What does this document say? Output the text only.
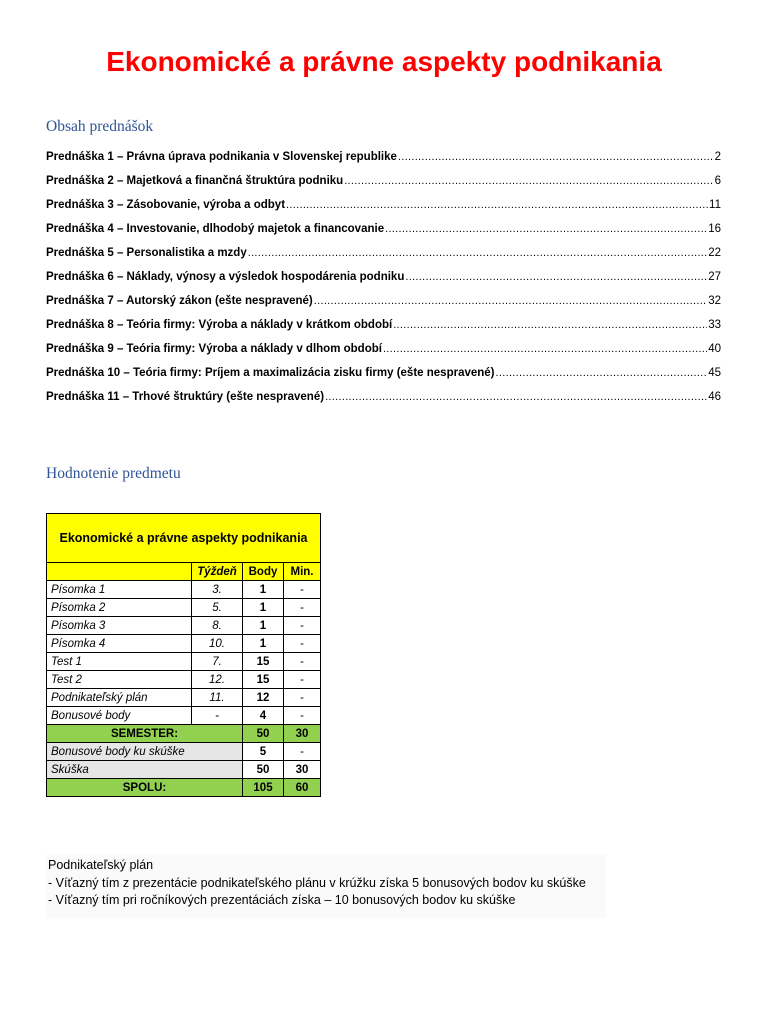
Ekonomické a právne aspekty podnikania
Obsah prednášok
Prednáška 1 – Právna úprava podnikania v Slovenskej republike .....	2
Prednáška 2 – Majetková a finančná štruktúra podniku .....	6
Prednáška 3 – Zásobovanie, výroba a odbyt .....	11
Prednáška 4 – Investovanie, dlhodobý majetok a financovanie .....	16
Prednáška 5 – Personalistika a mzdy .....	22
Prednáška 6 – Náklady, výnosy a výsledok hospodárenia podniku .....	27
Prednáška 7 – Autorský zákon (ešte nespravené) .....	32
Prednáška 8 – Teória firmy: Výroba a náklady v krátkom období .....	33
Prednáška 9 – Teória firmy: Výroba a náklady v dlhom období .....	40
Prednáška 10 – Teória firmy: Príjem a maximalizácia zisku firmy (ešte nespravené) .....	45
Prednáška 11 – Trhové štruktúry (ešte nespravené) .....	46
Hodnotenie predmetu
Ekonomické a právne aspekty podnikania			
	Týždeň	Body	Min.
Písomka 1	3.	1	-
Písomka 2	5.	1	-
Písomka 3	8.	1	-
Písomka 4	10.	1	-
Test 1	7.	15	-
Test 2	12.	15	-
Podnikateľský plán	11.	12	-
Bonusové body	-	4	-
SEMESTER:		50	30
Bonusové body ku skúške		5	-
Skúška		50	30
SPOLU:		105	60
Podnikateľský plán
- Víťazný tím z prezentácie podnikateľského plánu v krúžku získa 5 bonusových bodov ku skúške
- Víťazný tím pri ročníkových prezentáciách získa – 10 bonusových bodov ku skúške
